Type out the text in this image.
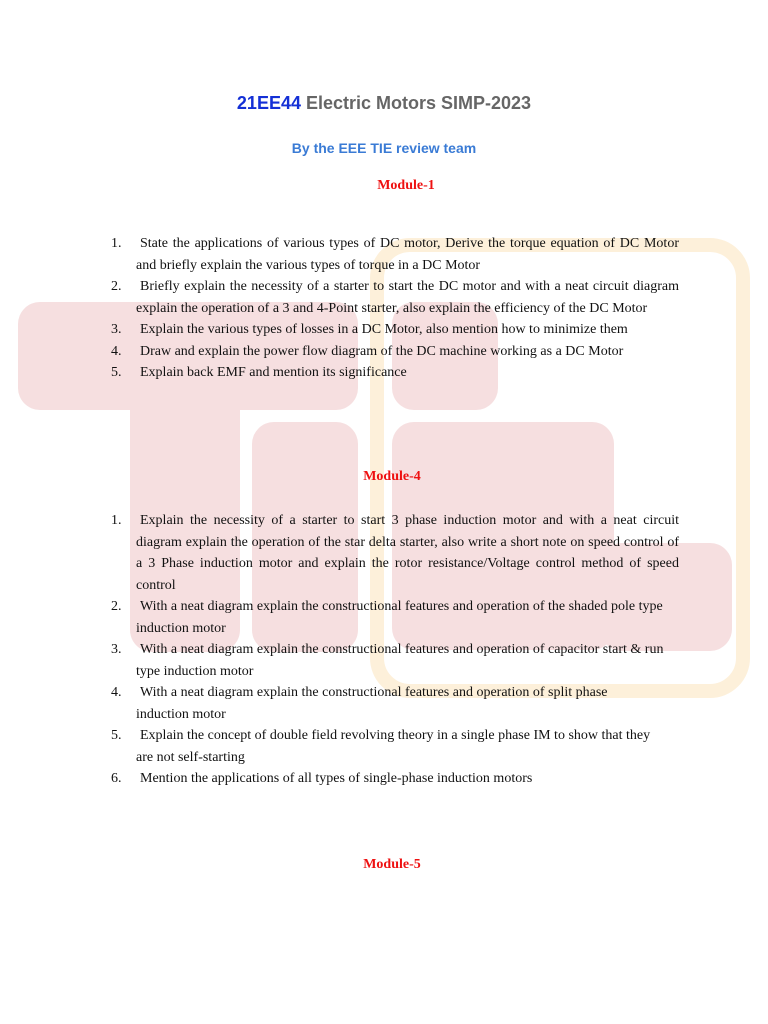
21EE44 Electric Motors SIMP-2023
By the EEE TIE review team
Module-1
1.	State the applications of various types of DC motor, Derive the torque equation of DC Motor and briefly explain the various types of torque in a DC Motor
2.	Briefly explain the necessity of a starter to start the DC motor and with a neat circuit diagram explain the operation of a 3 and 4-Point starter, also explain the efficiency of the DC Motor
3.	Explain the various types of losses in a DC Motor, also mention how to minimize them
4.	Draw and explain the power flow diagram of the DC machine working as a DC Motor
5.	Explain back EMF and mention its significance
Module-4
1.	Explain the necessity of a starter to start 3 phase induction motor and with a neat circuit diagram explain the operation of the star delta starter, also write a short note on speed control of a 3 Phase induction motor and explain the rotor resistance/Voltage control method of speed control
2.	With a neat diagram explain the constructional features and operation of the shaded pole type induction motor
3.	With a neat diagram explain the constructional features and operation of capacitor start & run type induction motor
4.	With a neat diagram explain the constructional features and operation of split phase induction motor
5.	Explain the concept of double field revolving theory in a single phase IM to show that they are not self-starting
6.	Mention the applications of all types of single-phase induction motors
Module-5
